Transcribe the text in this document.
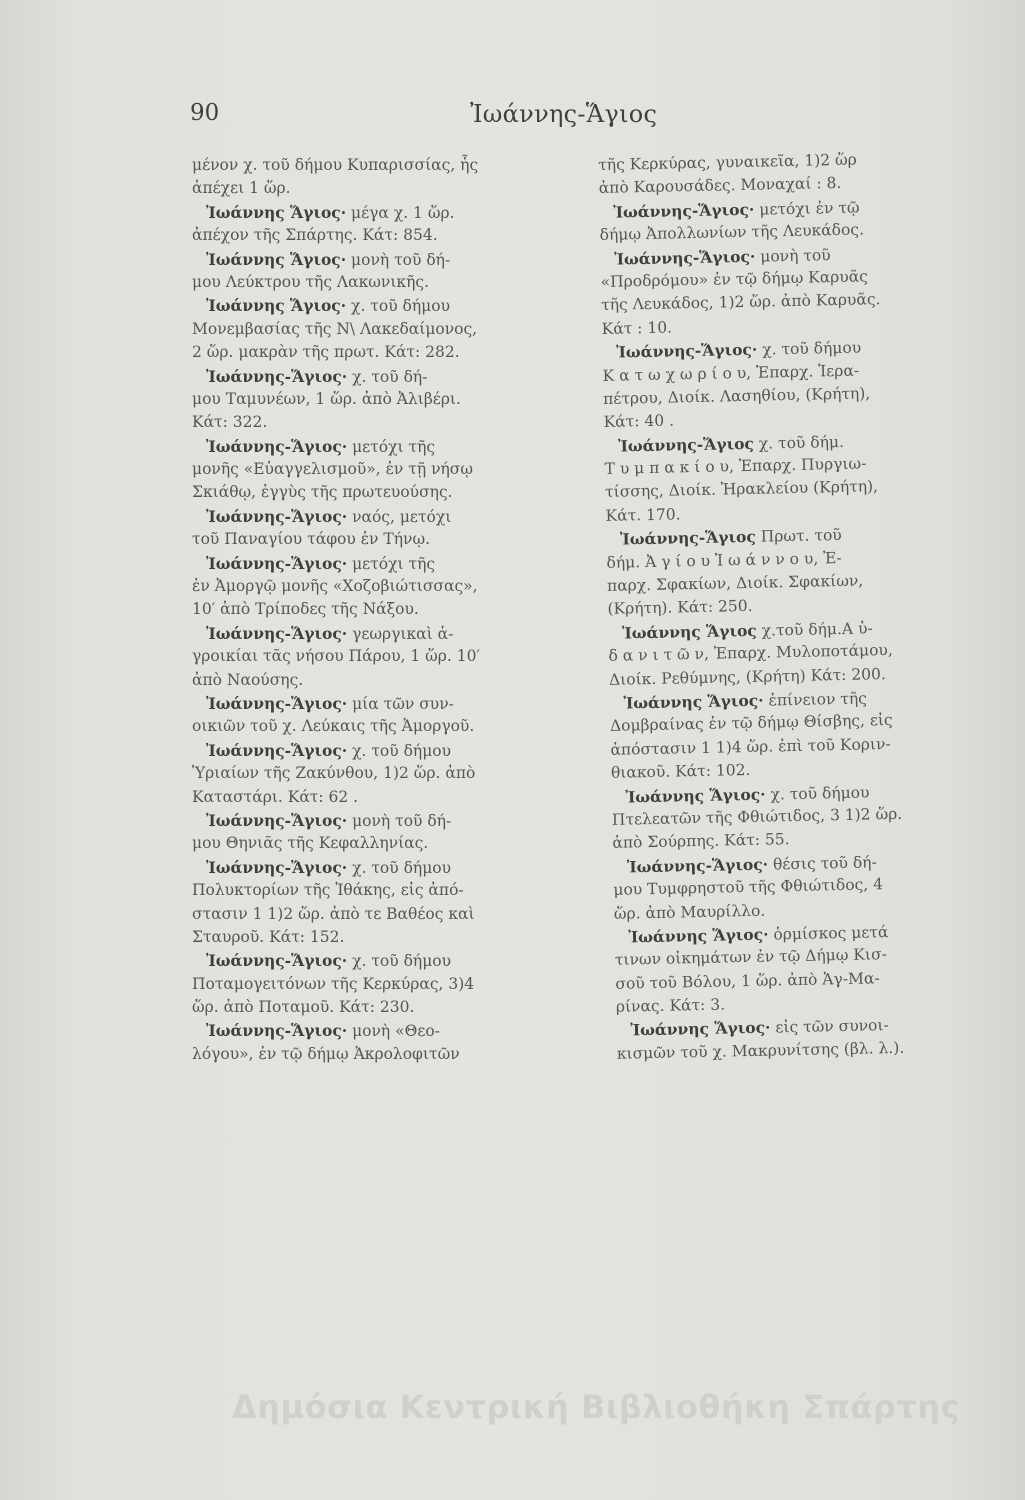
90	Ἰωάννης-Ἅγιος
μένον χ. τοῦ δήμου Κυπαρισσίας, ἧς
ἀπέχει 1 ὥρ.
Ἰωάννης Ἅγιος· μέγα χ. 1 ὥρ.
ἀπέχον τῆς Σπάρτης. Κάτ: 854.
Ἰωάννης Ἅγιος· μονὴ τοῦ δή-
μου Λεύκτρου τῆς Λακωνικῆς.
Ἰωάννης Ἅγιος· χ. τοῦ δήμου
Μονεμβασίας τῆς Ν\ Λακεδαίμονος,
2 ὥρ. μακρὰν τῆς πρωτ. Κάτ: 282.
Ἰωάννης-Ἅγιος· χ. τοῦ δή-
μου Ταμυνέων, 1 ὥρ. ἀπὸ Ἀλιβέρι.
Κάτ: 322.
Ἰωάννης-Ἅγιος· μετόχι τῆς
μονῆς «Εὐαγγελισμοῦ», ἐν τῇ νήσῳ
Σκιάθῳ, ἐγγὺς τῆς πρωτευούσης.
Ἰωάννης-Ἅγιος· ναός, μετόχι
τοῦ Παναγίου τάφου ἐν Τήνῳ.
Ἰωάννης-Ἅγιος· μετόχι τῆς
ἐν Ἀμοργῷ μονῆς «Χοζοβιώτισσας»,
10′ ἀπὸ Τρίποδες τῆς Νάξου.
Ἰωάννης-Ἅγιος· γεωργικαὶ ἀ-
γροικίαι τᾶς νήσου Πάρου, 1 ὥρ. 10′
ἀπὸ Ναούσης.
Ἰωάννης-Ἅγιος· μία τῶν συν-
οικιῶν τοῦ χ. Λεύκαις τῆς Ἀμοργοῦ.
Ἰωάννης-Ἅγιος· χ. τοῦ δήμου
Ὑριαίων τῆς Ζακύνθου, 1)2 ὥρ. ἀπὸ
Καταστάρι. Κάτ: 62 .
Ἰωάννης-Ἅγιος· μονὴ τοῦ δή-
μου Θηνιᾶς τῆς Κεφαλληνίας.
Ἰωάννης-Ἅγιος· χ. τοῦ δήμου
Πολυκτορίων τῆς Ἰθάκης, εἰς ἀπό-
στασιν 1 1)2 ὥρ. ἀπὸ τε Βαθέος καὶ
Σταυροῦ. Κάτ: 152.
Ἰωάννης-Ἅγιος· χ. τοῦ δήμου
Ποταμογειτόνων τῆς Κερκύρας, 3)4
ὥρ. ἀπὸ Ποταμοῦ. Κάτ: 230.
Ἰωάννης-Ἅγιος· μονὴ «Θεο-
λόγου», ἐν τῷ δήμῳ Ἀκρολοφιτῶν
τῆς Κερκύρας, γυναικεῖα, 1)2 ὥρ
ἀπὸ Καρουσάδες. Μοναχαί : 8.
Ἰωάννης-Ἅγιος· μετόχι ἐν τῷ
δήμῳ Ἀπολλωνίων τῆς Λευκάδος.
Ἰωάννης-Ἅγιος· μονὴ τοῦ
«Προδρόμου» ἐν τῷ δήμῳ Καρυᾶς
τῆς Λευκάδος, 1)2 ὥρ. ἀπὸ Καρυᾶς.
Κάτ : 10.
Ἰωάννης-Ἅγιος· χ. τοῦ δήμου
Κ α τ ω χ ω ρ ί ο υ, Ἐπαρχ. Ἱερα-
πέτρου, Διοίκ. Λασηθίου, (Κρήτη),
Κάτ: 40 .
Ἰωάννης-Ἅγιος χ. τοῦ δήμ.
Τ υ μ π α κ ί ο υ, Ἐπαρχ. Πυργιω-
τίσσης, Διοίκ. Ἡρακλείου (Κρήτη),
Κάτ. 170.
Ἰωάννης-Ἅγιος Πρωτ. τοῦ
δήμ. Ἀ γ ί ο υ Ἰ ω ά ν ν ο υ, Ἐ-
παρχ. Σφακίων, Διοίκ. Σφακίων,
(Κρήτη). Κάτ: 250.
Ἰωάννης Ἅγιος χ.τοῦ δήμ.Α ὑ-
δ α ν ι τ ῶ ν, Ἐπαρχ. Μυλοποτάμου,
Διοίκ. Ρεθύμνης, (Κρήτη) Κάτ: 200.
Ἰωάννης Ἅγιος· ἐπίνειον τῆς
Δομβραίνας ἐν τῷ δήμῳ Θίσβης, εἰς
ἀπόστασιν 1 1)4 ὥρ. ἐπὶ τοῦ Κοριν-
θιακοῦ. Κάτ: 102.
Ἰωάννης Ἅγιος· χ. τοῦ δήμου
Πτελεατῶν τῆς Φθιώτιδος, 3 1)2 ὥρ.
ἀπὸ Σούρπης. Κάτ: 55.
Ἰωάννης-Ἅγιος· θέσις τοῦ δή-
μου Τυμφρηστοῦ τῆς Φθιώτιδος, 4
ὥρ. ἀπὸ Μαυρίλλο.
Ἰωάννης Ἅγιος· ὁρμίσκος μετά
τινων οἰκημάτων ἐν τῷ Δήμῳ Κισ-
σοῦ τοῦ Βόλου, 1 ὥρ. ἀπὸ Ἁγ-Μα-
ρίνας. Κάτ: 3.
Ἰωάννης Ἅγιος· εἰς τῶν συνοι-
κισμῶν τοῦ χ. Μακρυνίτσης (βλ. λ.).
Δημόσια Κεντρική Βιβλιοθήκη Σπάρτης
